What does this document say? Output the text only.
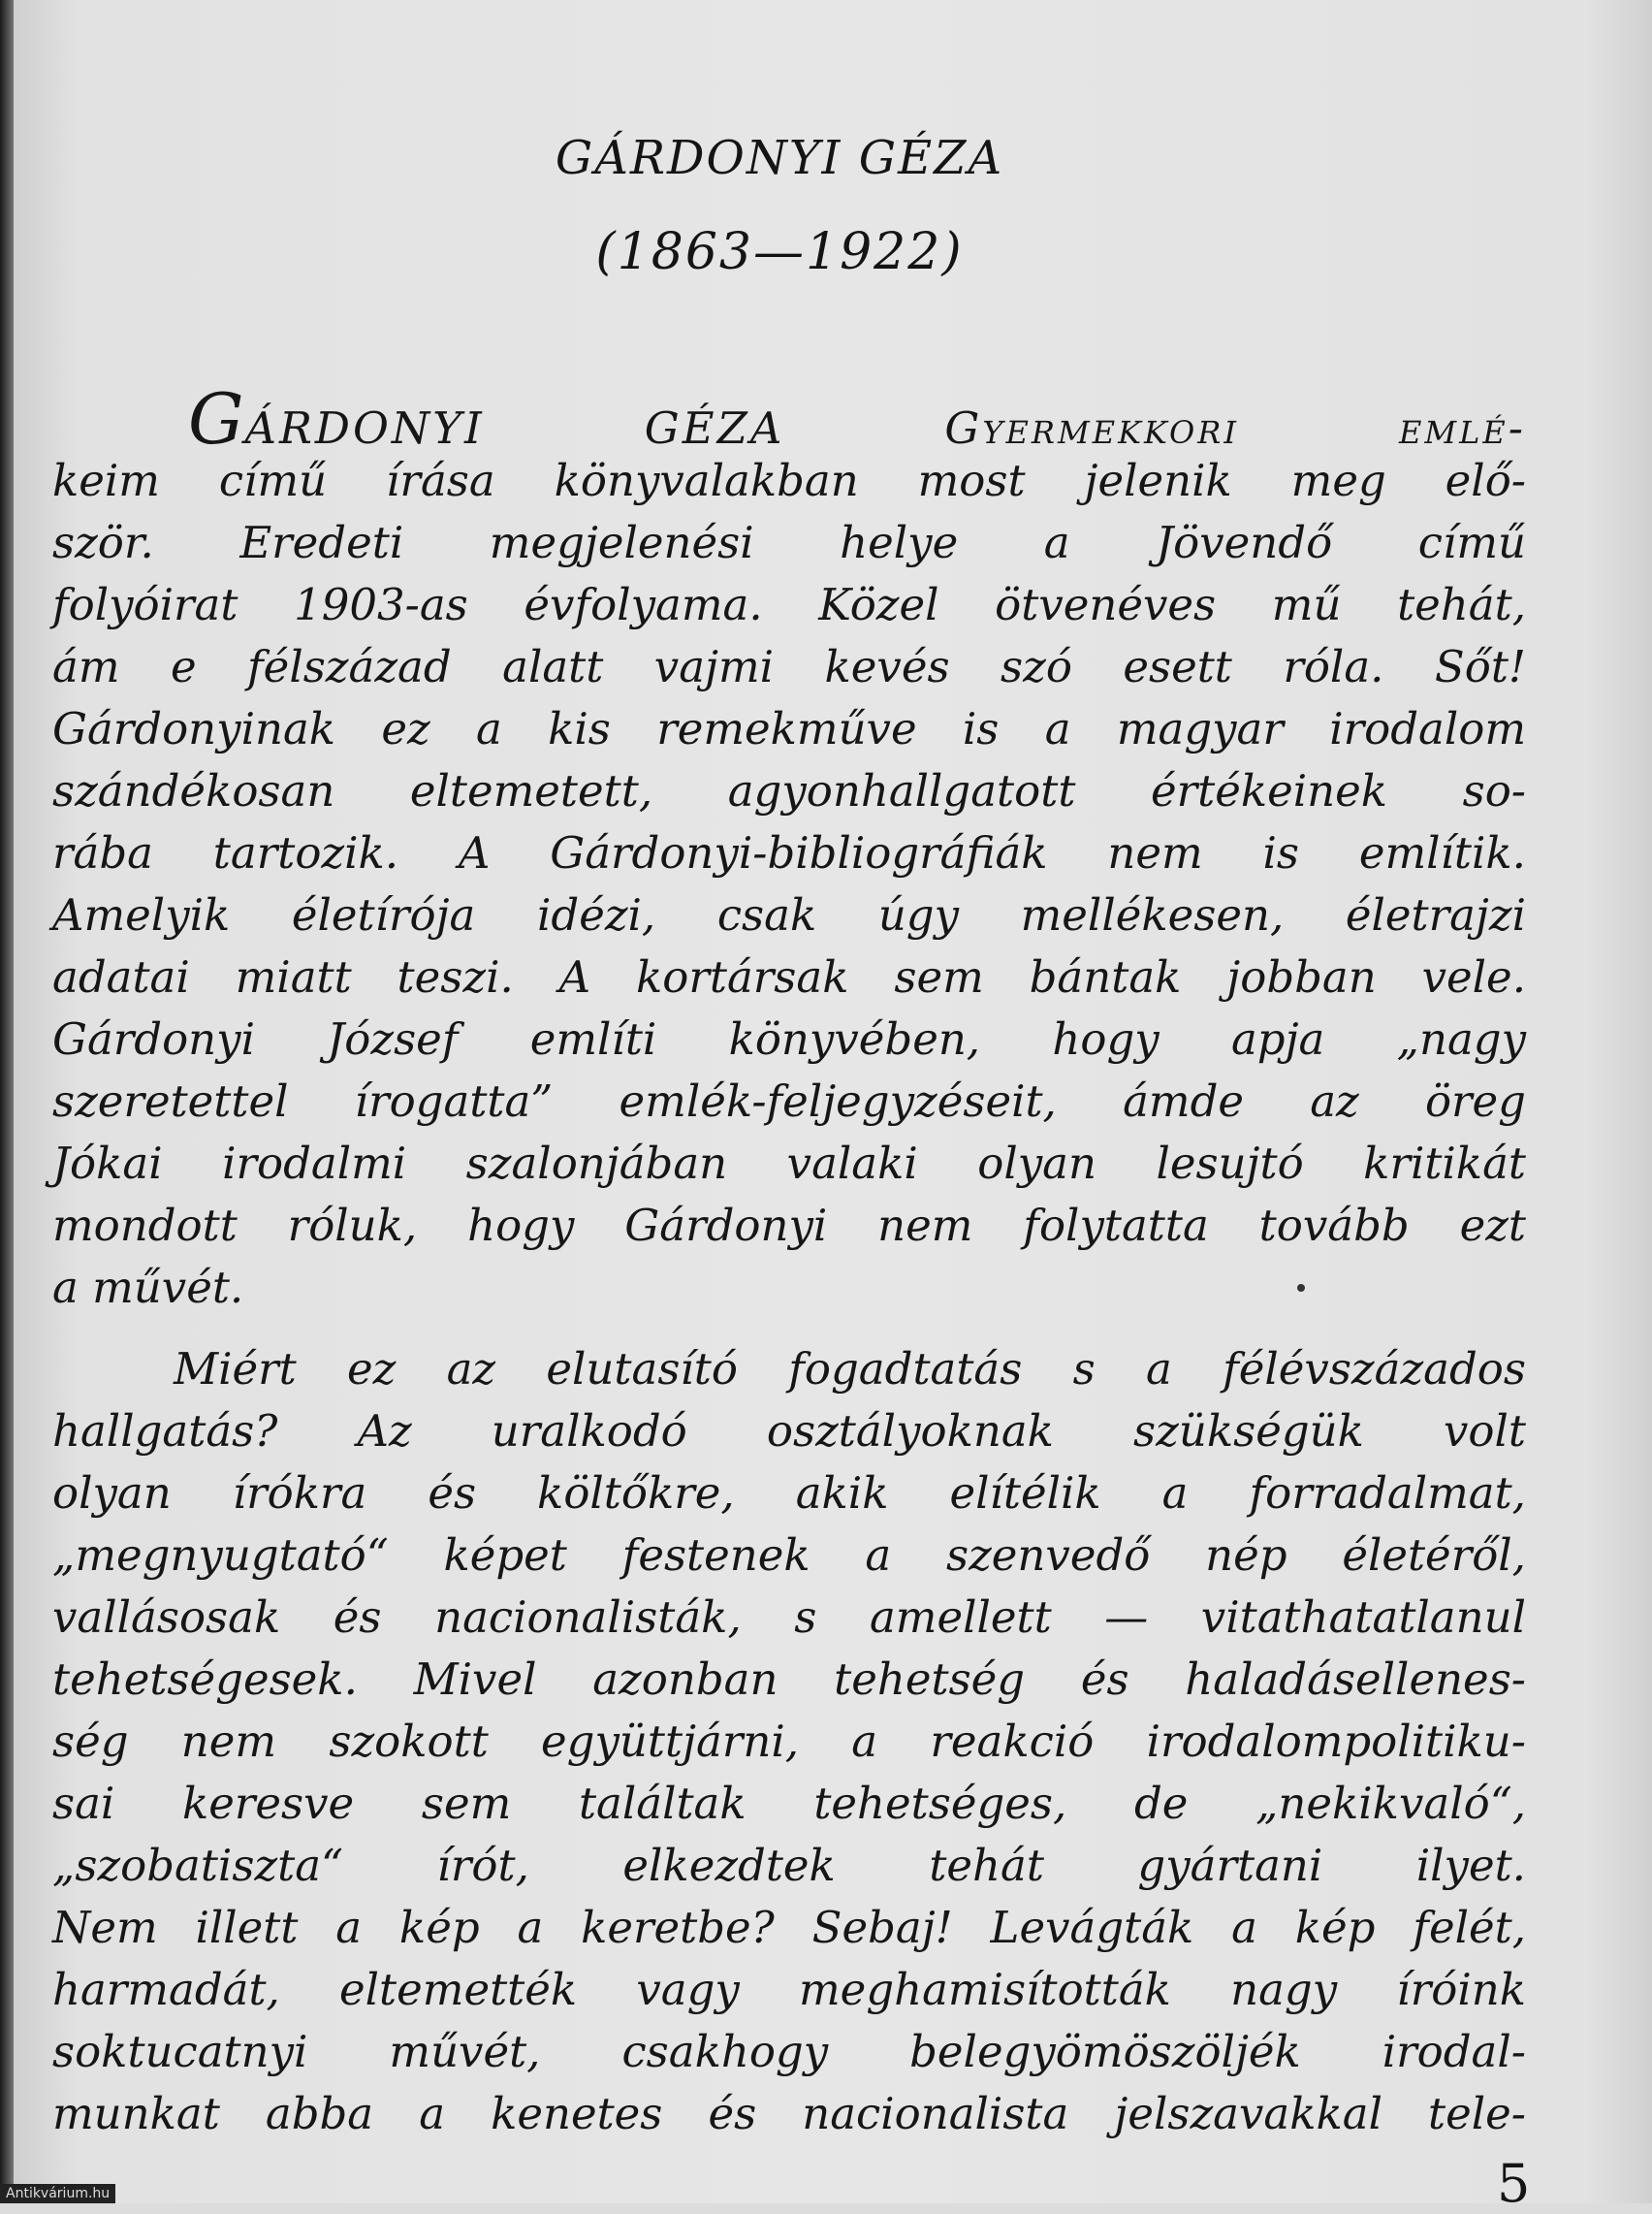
GÁRDONYI GÉZA
(1863—1922)
GÁRDONYI GÉZA Gyermekkori emlé-
keim című írása könyvalakban most jelenik meg elő-
ször. Eredeti megjelenési helye a Jövendő című
folyóirat 1903-as évfolyama. Közel ötvenéves mű tehát,
ám e félszázad alatt vajmi kevés szó esett róla. Sőt!
Gárdonyinak ez a kis remekműve is a magyar irodalom
szándékosan eltemetett, agyonhallgatott értékeinek so-
rába tartozik. A Gárdonyi-bibliográfiák nem is említik.
Amelyik életírója idézi, csak úgy mellékesen, életrajzi
adatai miatt teszi. A kortársak sem bántak jobban vele.
Gárdonyi József említi könyvében, hogy apja „nagy
szeretettel írogatta” emlék-feljegyzéseit, ámde az öreg
Jókai irodalmi szalonjában valaki olyan lesujtó kritikát
mondott róluk, hogy Gárdonyi nem folytatta tovább ezt
a művét.
Miért ez az elutasító fogadtatás s a félévszázados
hallgatás? Az uralkodó osztályoknak szükségük volt
olyan írókra és költőkre, akik elítélik a forradalmat,
„megnyugtató“ képet festenek a szenvedő nép életéről,
vallásosak és nacionalisták, s amellett — vitathatatlanul
tehetségesek. Mivel azonban tehetség és haladásellenes-
ség nem szokott együttjárni, a reakció irodalompolitiku-
sai keresve sem találtak tehetséges, de „nekikvaló“,
„szobatiszta“ írót, elkezdtek tehát gyártani ilyet.
Nem illett a kép a keretbe? Sebaj! Levágták a kép felét,
harmadát, eltemették vagy meghamisították nagy íróink
soktucatnyi művét, csakhogy belegyömöszöljék irodal-
munkat abba a kenetes és nacionalista jelszavakkal tele-
5
Antikvárium.hu
